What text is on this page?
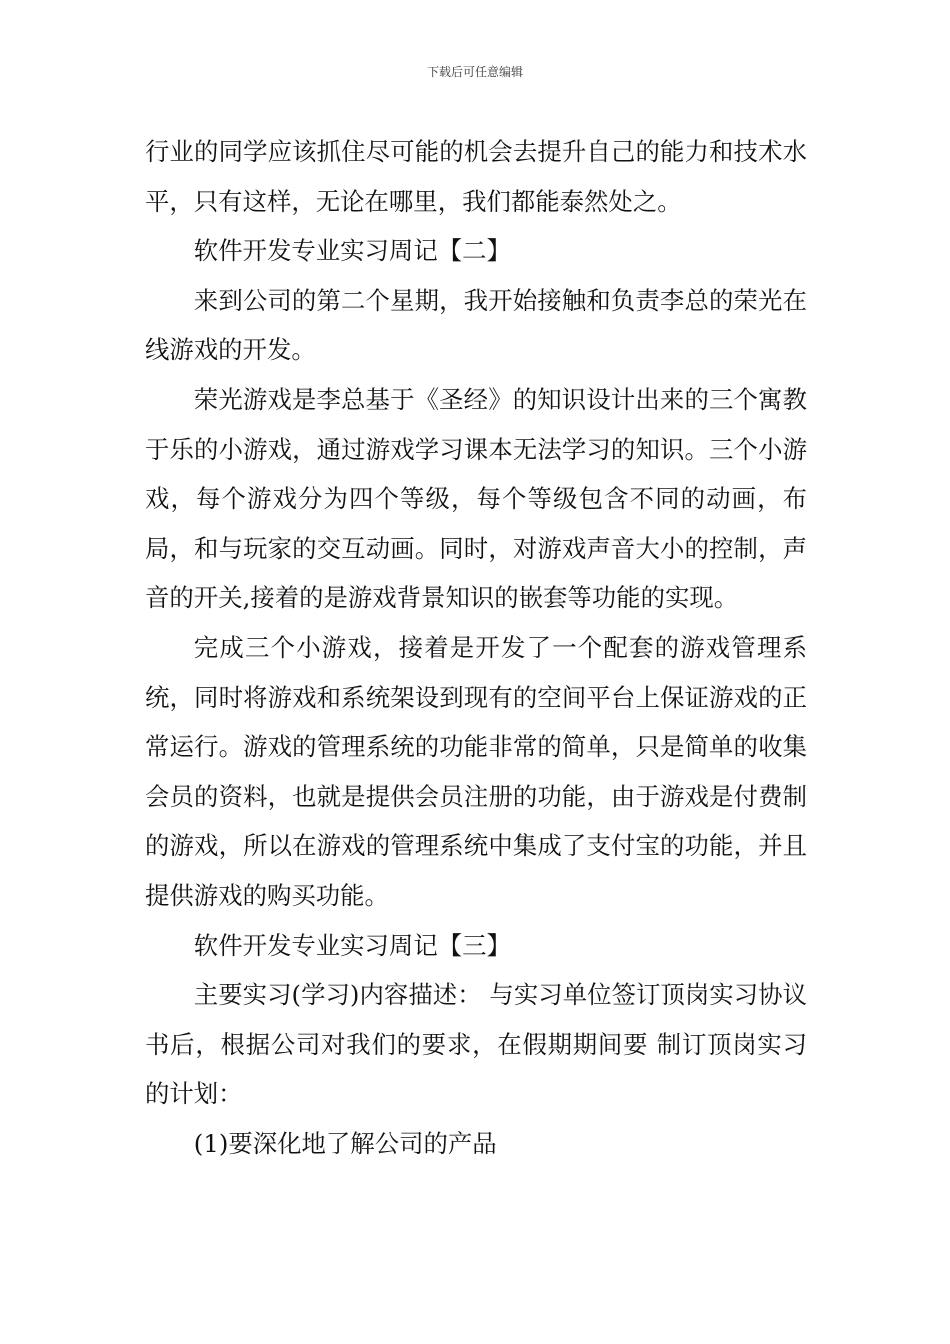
下载后可任意编辑

行业的同学应该抓住尽可能的机会去提升自己的能力和技术水平，只有这样，无论在哪里，我们都能泰然处之。

软件开发专业实习周记【二】

来到公司的第二个星期，我开始接触和负责李总的荣光在线游戏的开发。

荣光游戏是李总基于《圣经》的知识设计出来的三个寓教于乐的小游戏，通过游戏学习课本无法学习的知识。三个小游戏，每个游戏分为四个等级，每个等级包含不同的动画，布局，和与玩家的交互动画。同时，对游戏声音大小的控制，声音的开关,接着的是游戏背景知识的嵌套等功能的实现。

完成三个小游戏，接着是开发了一个配套的游戏管理系统，同时将游戏和系统架设到现有的空间平台上保证游戏的正常运行。游戏的管理系统的功能非常的简单，只是简单的收集会员的资料，也就是提供会员注册的功能，由于游戏是付费制的游戏，所以在游戏的管理系统中集成了支付宝的功能，并且提供游戏的购买功能。

软件开发专业实习周记【三】

主要实习(学习)内容描述： 与实习单位签订顶岗实习协议书后，根据公司对我们的要求，在假期期间要 制订顶岗实习的计划：

(1)要深化地了解公司的产品
